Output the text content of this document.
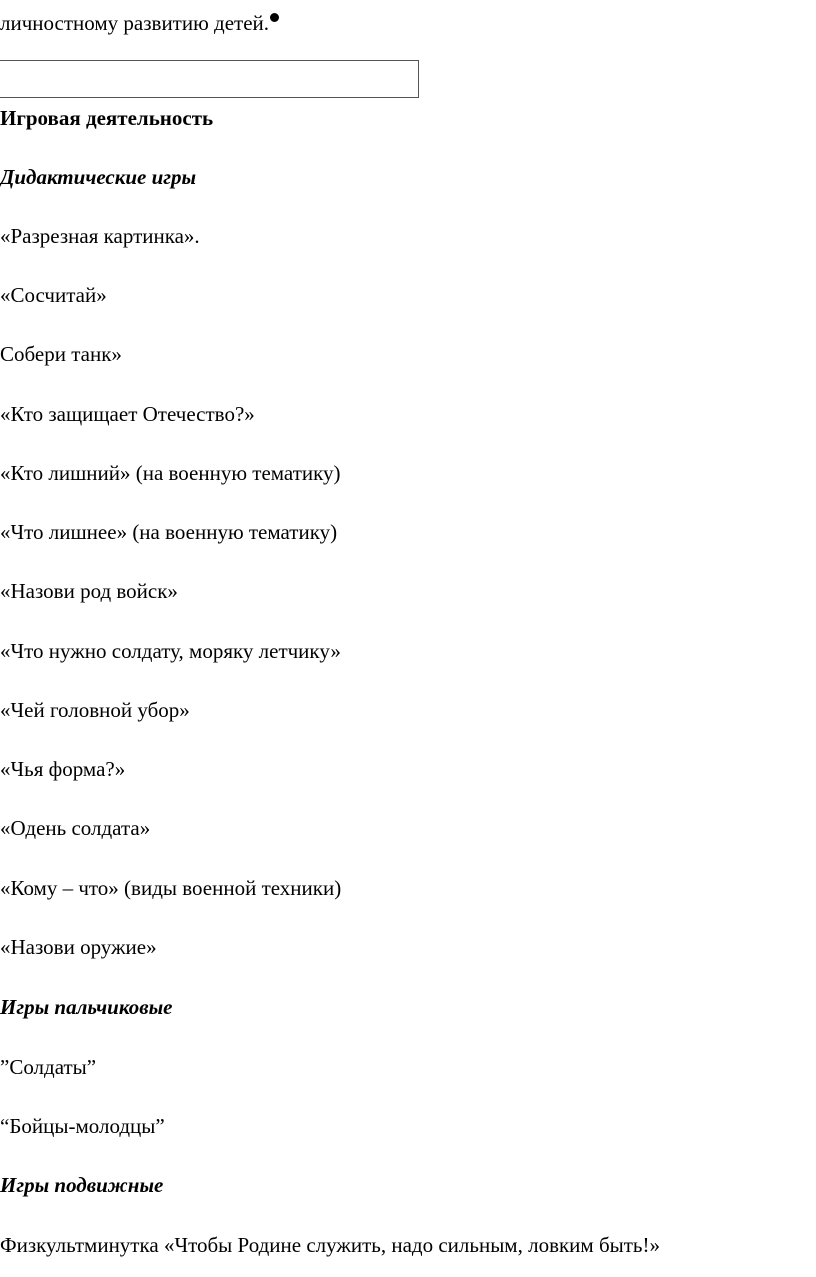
личностному развитию детей.
Игровая деятельность
Дидактические игры
«Разрезная картинка».
«Сосчитай»
Собери танк»
«Кто защищает Отечество?»
«Кто лишний» (на военную тематику)
«Что лишнее» (на военную тематику)
«Назови род войск»
«Что нужно солдату, моряку летчику»
«Чей головной убор»
«Чья форма?»
«Одень солдата»
«Кому – что» (виды военной техники)
«Назови оружие»
Игры пальчиковые
”Солдаты”
“Бойцы-молодцы”
Игры подвижные
Физкультминутка «Чтобы Родине служить, надо сильным, ловким быть!»
